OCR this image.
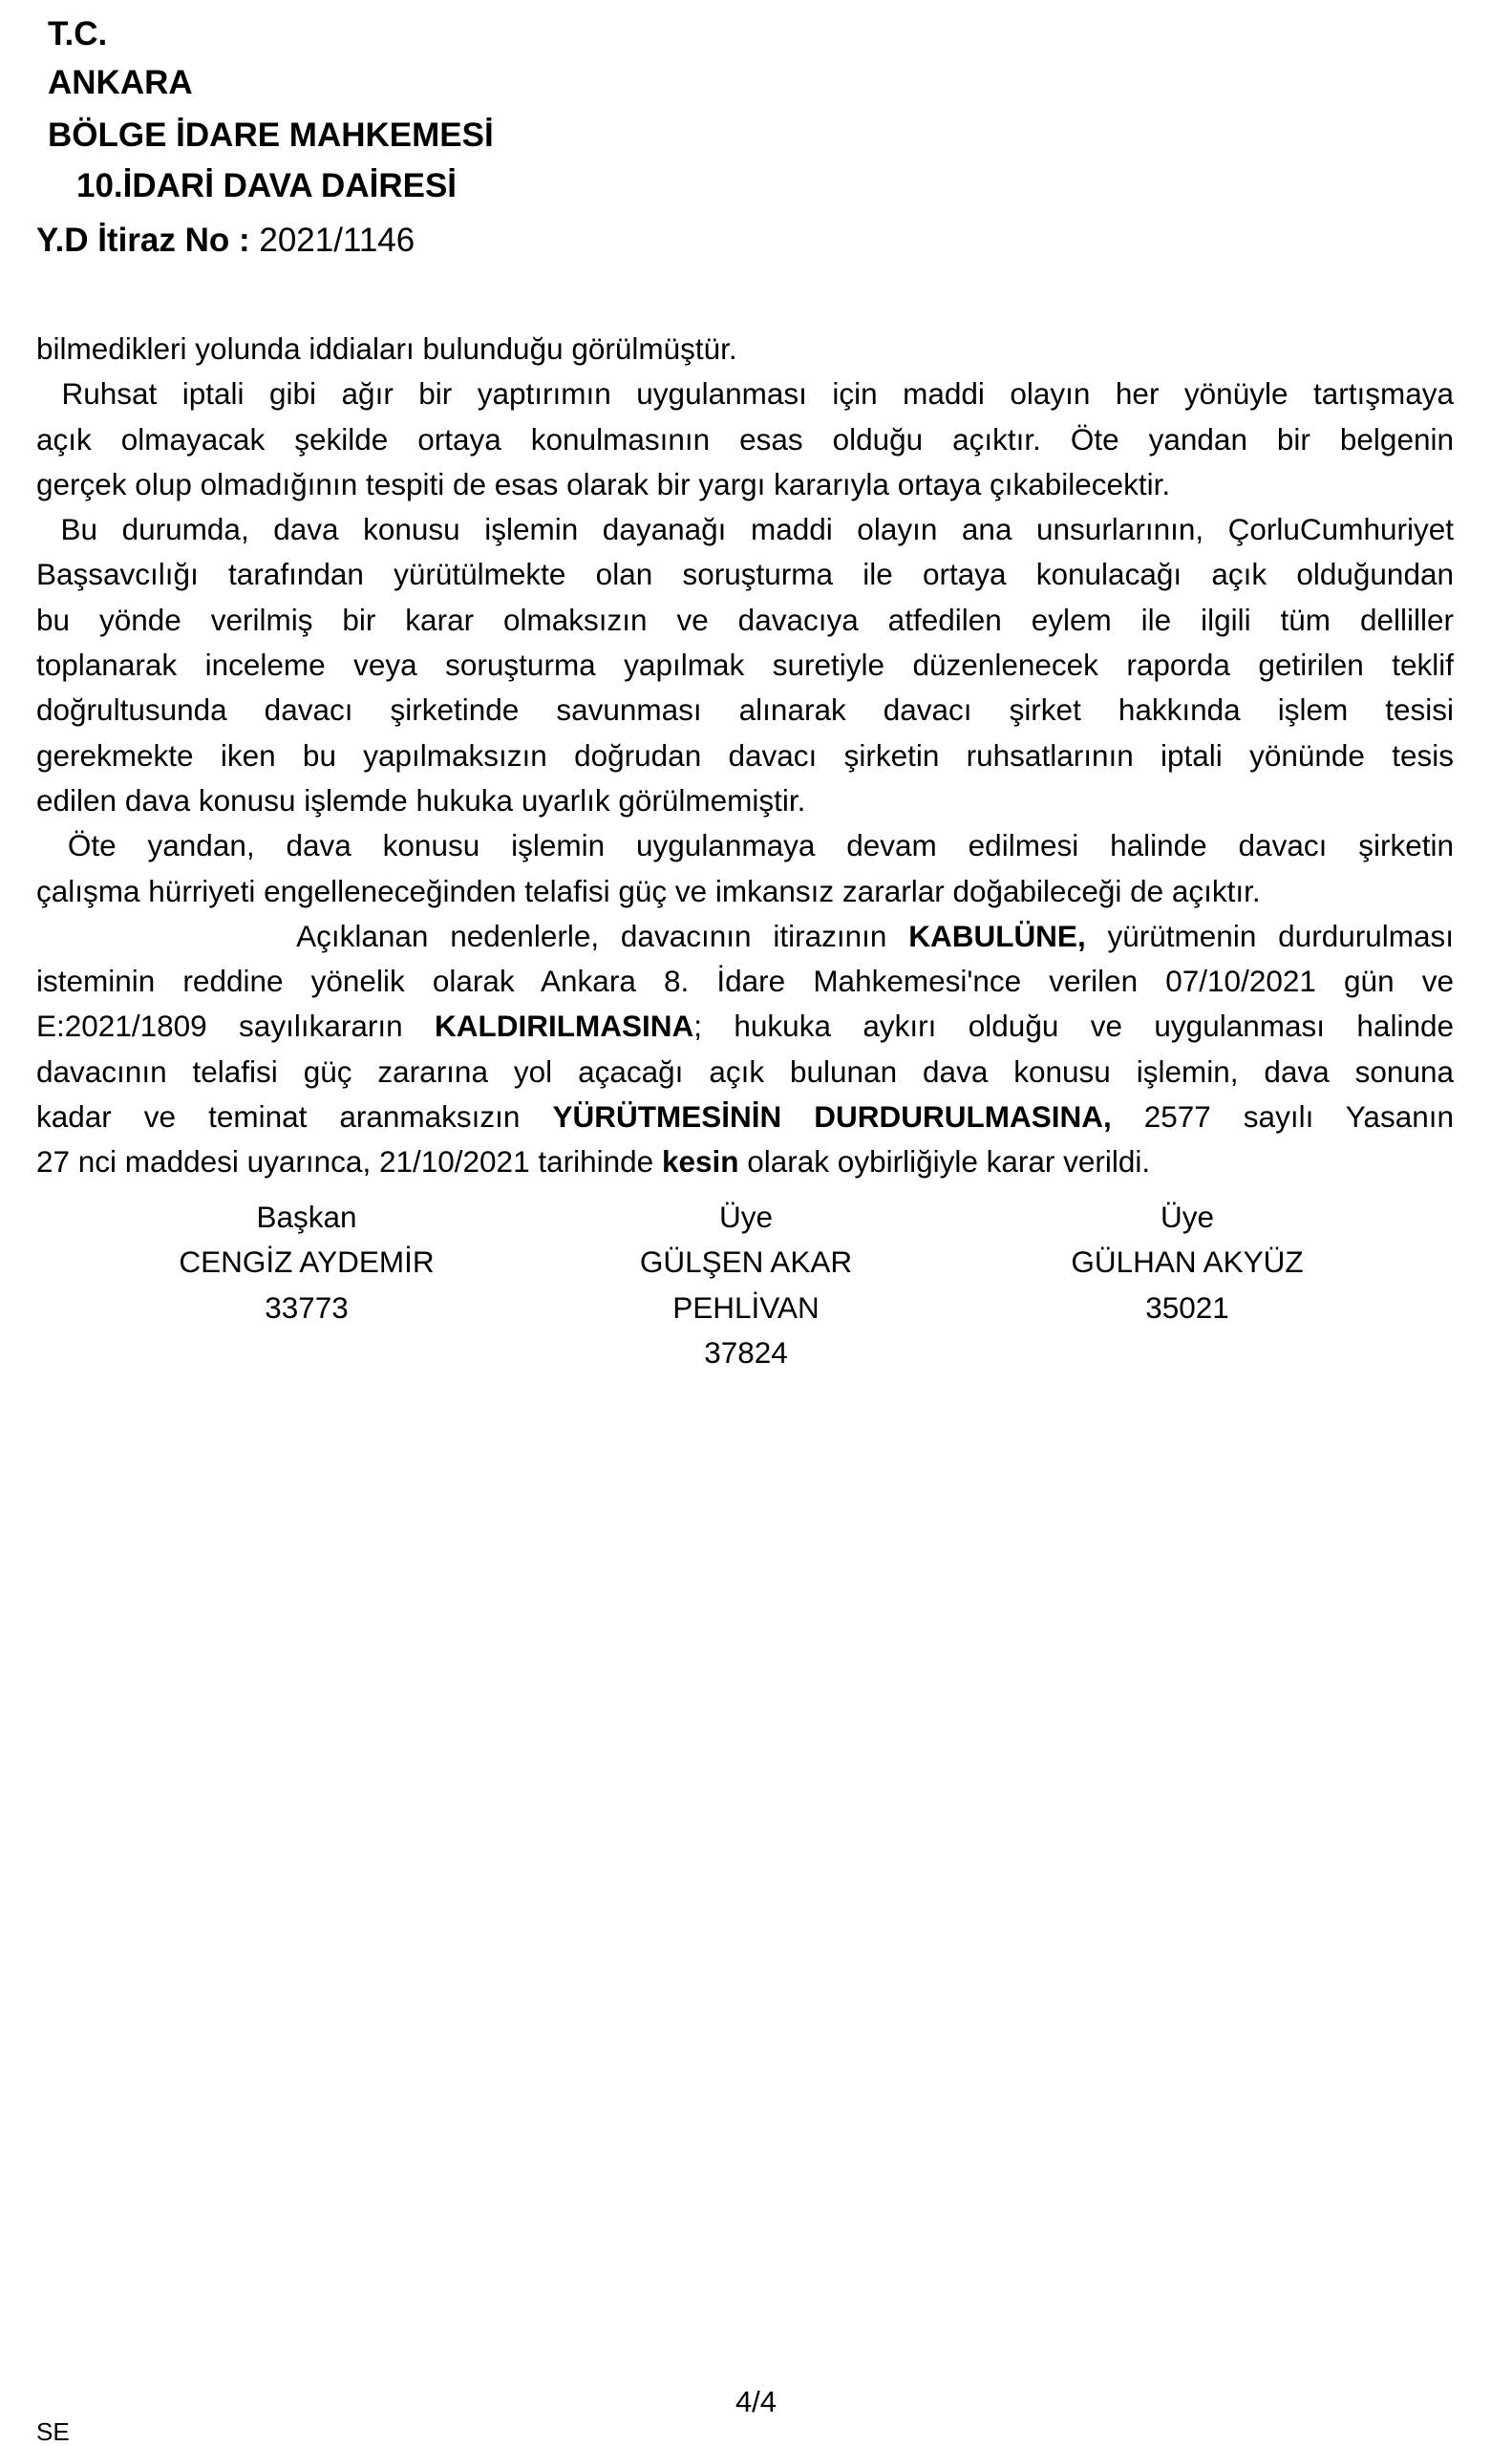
T.C.
ANKARA
BÖLGE İDARE MAHKEMESİ
10.İDARİ DAVA DAİRESİ
Y.D İtiraz No : 2021/1146
bilmedikleri yolunda iddiaları bulunduğu görülmüştür.
Ruhsat iptali gibi ağır bir yaptırımın uygulanması için maddi olayın her yönüyle tartışmaya
açık olmayacak şekilde ortaya konulmasının esas olduğu açıktır. Öte yandan bir belgenin
gerçek olup olmadığının tespiti de esas olarak bir yargı kararıyla ortaya çıkabilecektir.
Bu durumda, dava konusu işlemin dayanağı maddi olayın ana unsurlarının, ÇorluCumhuriyet
Başsavcılığı tarafından yürütülmekte olan soruşturma ile ortaya konulacağı açık olduğundan
bu yönde verilmiş bir karar olmaksızın ve davacıya atfedilen eylem ile ilgili tüm delliller
toplanarak inceleme veya soruşturma yapılmak suretiyle düzenlenecek raporda getirilen teklif
doğrultusunda davacı şirketinde savunması alınarak davacı şirket hakkında işlem tesisi
gerekmekte iken bu yapılmaksızın doğrudan davacı şirketin ruhsatlarının iptali yönünde tesis
edilen dava konusu işlemde hukuka uyarlık görülmemiştir.
Öte yandan, dava konusu işlemin uygulanmaya devam edilmesi halinde davacı şirketin
çalışma hürriyeti engelleneceğinden telafisi güç ve imkansız zararlar doğabileceği de açıktır.
Açıklanan nedenlerle, davacının itirazının KABULÜNE, yürütmenin durdurulması
isteminin reddine yönelik olarak Ankara 8. İdare Mahkemesi'nce verilen 07/10/2021 gün ve
E:2021/1809 sayılıkararın KALDIRILMASINA; hukuka aykırı olduğu ve uygulanması halinde
davacının telafisi güç zararına yol açacağı açık bulunan dava konusu işlemin, dava sonuna
kadar ve teminat aranmaksızın YÜRÜTMESİNİN DURDURULMASINA, 2577 sayılı Yasanın
27 nci maddesi uyarınca, 21/10/2021 tarihinde kesin olarak oybirliğiyle karar verildi.
Başkan
CENGİZ AYDEMİR
33773
Üye
GÜLŞEN AKAR
PEHLİVAN
37824
Üye
GÜLHAN AKYÜZ
35021
4/4
SE
